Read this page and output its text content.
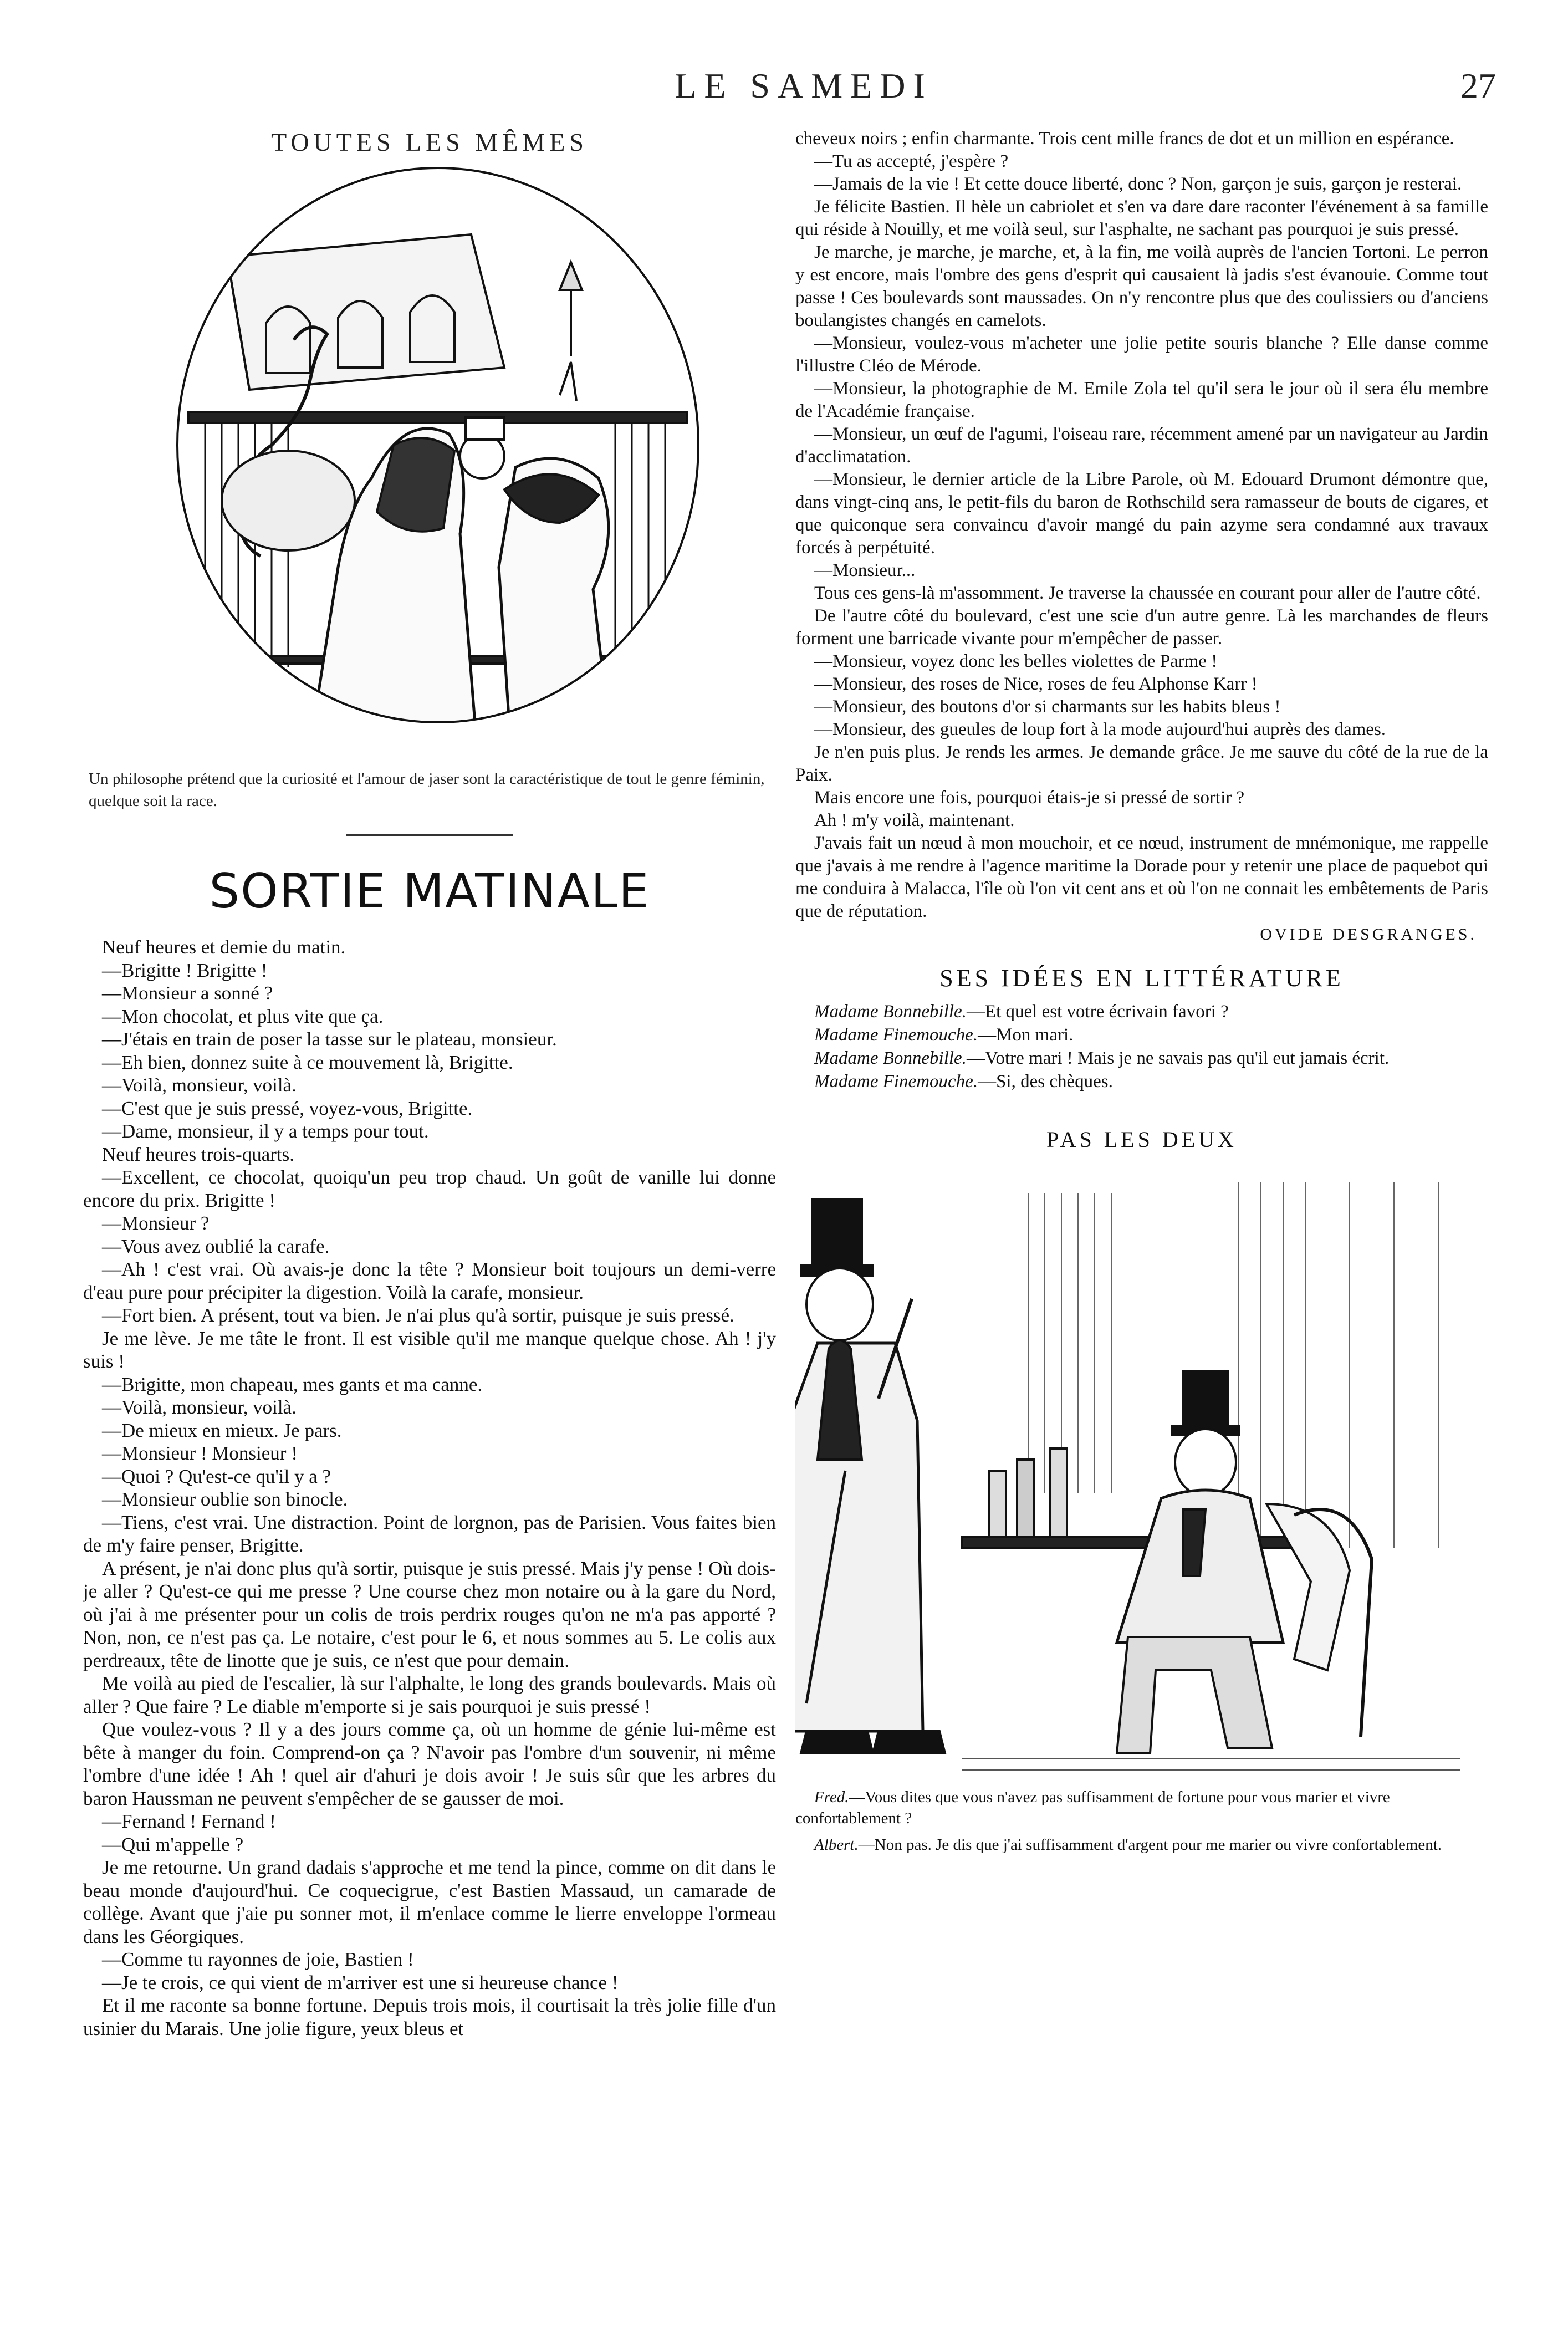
LE SAMEDI	27
TOUTES LES MÊMES
Un philosophe prétend que la curiosité et l'amour de jaser sont la caractéristique de tout le genre féminin, quelque soit la race.
SORTIE MATINALE

Neuf heures et demie du matin.

—Brigitte ! Brigitte !

—Monsieur a sonné ?

—Mon chocolat, et plus vite que ça.

—J'étais en train de poser la tasse sur le plateau, monsieur.

—Eh bien, donnez suite à ce mouvement là, Brigitte.

—Voilà, monsieur, voilà.

—C'est que je suis pressé, voyez-vous, Brigitte.

—Dame, monsieur, il y a temps pour tout.

Neuf heures trois-quarts.

—Excellent, ce chocolat, quoiqu'un peu trop chaud. Un goût de vanille lui donne encore du prix. Brigitte !

—Monsieur ?

—Vous avez oublié la carafe.

—Ah ! c'est vrai. Où avais-je donc la tête ? Monsieur boit toujours un demi-verre d'eau pure pour précipiter la digestion. Voilà la carafe, monsieur.

—Fort bien. A présent, tout va bien. Je n'ai plus qu'à sortir, puisque je suis pressé.

Je me lève. Je me tâte le front. Il est visible qu'il me manque quelque chose. Ah ! j'y suis !

—Brigitte, mon chapeau, mes gants et ma canne.

—Voilà, monsieur, voilà.

—De mieux en mieux. Je pars.

—Monsieur ! Monsieur !

—Quoi ? Qu'est-ce qu'il y a ?

—Monsieur oublie son binocle.

—Tiens, c'est vrai. Une distraction. Point de lorgnon, pas de Parisien. Vous faites bien de m'y faire penser, Brigitte.

A présent, je n'ai donc plus qu'à sortir, puisque je suis pressé. Mais j'y pense ! Où dois-je aller ? Qu'est-ce qui me presse ? Une course chez mon notaire ou à la gare du Nord, où j'ai à me présenter pour un colis de trois perdrix rouges qu'on ne m'a pas apporté ? Non, non, ce n'est pas ça. Le notaire, c'est pour le 6, et nous sommes au 5. Le colis aux perdreaux, tête de linotte que je suis, ce n'est que pour demain.

Me voilà au pied de l'escalier, là sur l'alphalte, le long des grands boulevards. Mais où aller ? Que faire ? Le diable m'emporte si je sais pourquoi je suis pressé !

Que voulez-vous ? Il y a des jours comme ça, où un homme de génie lui-même est bête à manger du foin. Comprend-on ça ? N'avoir pas l'ombre d'un souvenir, ni même l'ombre d'une idée ! Ah ! quel air d'ahuri je dois avoir ! Je suis sûr que les arbres du baron Haussman ne peuvent s'empêcher de se gausser de moi.

—Fernand ! Fernand !

—Qui m'appelle ?

Je me retourne. Un grand dadais s'approche et me tend la pince, comme on dit dans le beau monde d'aujourd'hui. Ce coquecigrue, c'est Bastien Massaud, un camarade de collège. Avant que j'aie pu sonner mot, il m'enlace comme le lierre enveloppe l'ormeau dans les Géorgiques.

—Comme tu rayonnes de joie, Bastien !

—Je te crois, ce qui vient de m'arriver est une si heureuse chance !

Et il me raconte sa bonne fortune. Depuis trois mois, il courtisait la très jolie fille d'un usinier du Marais. Une jolie figure, yeux bleus et

cheveux noirs ; enfin charmante. Trois cent mille francs de dot et un million en espérance.

—Tu as accepté, j'espère ?

—Jamais de la vie ! Et cette douce liberté, donc ? Non, garçon je suis, garçon je resterai.

Je félicite Bastien. Il hèle un cabriolet et s'en va dare dare raconter l'événement à sa famille qui réside à Nouilly, et me voilà seul, sur l'asphalte, ne sachant pas pourquoi je suis pressé.

Je marche, je marche, je marche, et, à la fin, me voilà auprès de l'ancien Tortoni. Le perron y est encore, mais l'ombre des gens d'esprit qui causaient là jadis s'est évanouie. Comme tout passe ! Ces boulevards sont maussades. On n'y rencontre plus que des coulissiers ou d'anciens boulangistes changés en camelots.

—Monsieur, voulez-vous m'acheter une jolie petite souris blanche ? Elle danse comme l'illustre Cléo de Mérode.

—Monsieur, la photographie de M. Emile Zola tel qu'il sera le jour où il sera élu membre de l'Académie française.

—Monsieur, un œuf de l'agumi, l'oiseau rare, récemment amené par un navigateur au Jardin d'acclimatation.

—Monsieur, le dernier article de la Libre Parole, où M. Edouard Drumont démontre que, dans vingt-cinq ans, le petit-fils du baron de Rothschild sera ramasseur de bouts de cigares, et que quiconque sera convaincu d'avoir mangé du pain azyme sera condamné aux travaux forcés à perpétuité.

—Monsieur...

Tous ces gens-là m'assomment. Je traverse la chaussée en courant pour aller de l'autre côté.

De l'autre côté du boulevard, c'est une scie d'un autre genre. Là les marchandes de fleurs forment une barricade vivante pour m'empêcher de passer.

—Monsieur, voyez donc les belles violettes de Parme !

—Monsieur, des roses de Nice, roses de feu Alphonse Karr !

—Monsieur, des boutons d'or si charmants sur les habits bleus !

—Monsieur, des gueules de loup fort à la mode aujourd'hui auprès des dames.

Je n'en puis plus. Je rends les armes. Je demande grâce. Je me sauve du côté de la rue de la Paix.

Mais encore une fois, pourquoi étais-je si pressé de sortir ?

Ah ! m'y voilà, maintenant.

J'avais fait un nœud à mon mouchoir, et ce nœud, instrument de mnémonique, me rappelle que j'avais à me rendre à l'agence maritime la Dorade pour y retenir une place de paquebot qui me conduira à Malacca, l'île où l'on vit cent ans et où l'on ne connait les embêtements de Paris que de réputation.

OVIDE DESGRANGES.
SES IDÉES EN LITTÉRATURE

Madame Bonnebille.—Et quel est votre écrivain favori ?

Madame Finemouche.—Mon mari.

Madame Bonnebille.—Votre mari ! Mais je ne savais pas qu'il eut jamais écrit.

Madame Finemouche.—Si, des chèques.

PAS LES DEUX

Fred.—Vous dites que vous n'avez pas suffisamment de fortune pour vous marier et vivre confortablement ?

Albert.—Non pas. Je dis que j'ai suffisamment d'argent pour me marier ou vivre confortablement.
